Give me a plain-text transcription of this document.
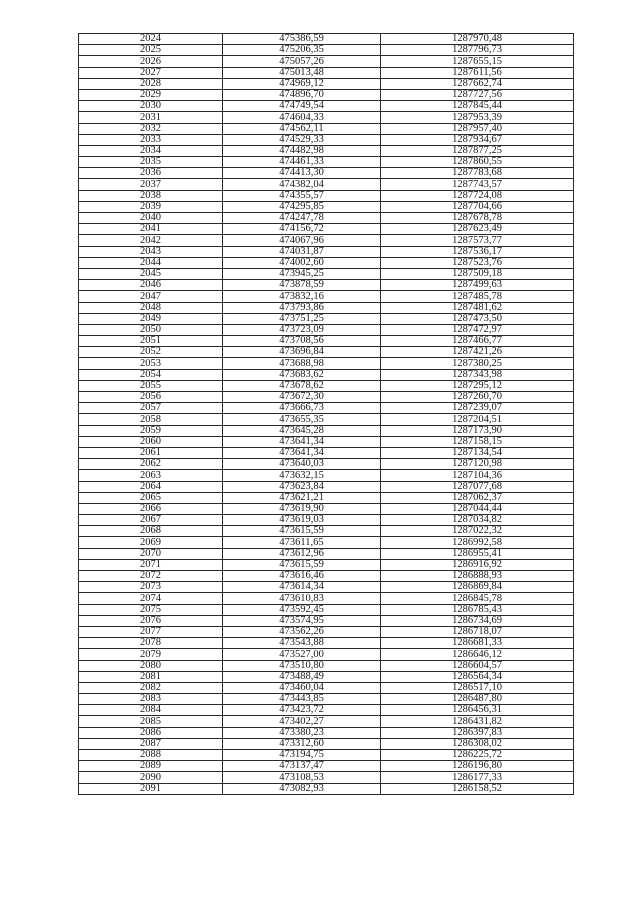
2024	475386,59	1287970,48
2025	475206,35	1287796,73
2026	475057,26	1287655,15
2027	475013,48	1287611,56
2028	474969,12	1287662,74
2029	474896,70	1287727,56
2030	474749,54	1287845,44
2031	474604,33	1287953,39
2032	474562,11	1287957,40
2033	474529,33	1287934,67
2034	474482,98	1287877,25
2035	474461,33	1287860,55
2036	474413,30	1287783,68
2037	474382,04	1287743,57
2038	474355,57	1287724,08
2039	474295,85	1287704,66
2040	474247,78	1287678,78
2041	474156,72	1287623,49
2042	474067,96	1287573,77
2043	474031,87	1287536,17
2044	474002,60	1287523,76
2045	473945,25	1287509,18
2046	473878,59	1287499,63
2047	473832,16	1287485,78
2048	473793,86	1287481,62
2049	473751,25	1287473,50
2050	473723,09	1287472,97
2051	473708,56	1287466,77
2052	473696,84	1287421,26
2053	473688,98	1287380,25
2054	473683,62	1287343,98
2055	473678,62	1287295,12
2056	473672,30	1287260,70
2057	473666,73	1287239,07
2058	473655,35	1287204,51
2059	473645,28	1287173,90
2060	473641,34	1287158,15
2061	473641,34	1287134,54
2062	473640,03	1287120,98
2063	473632,15	1287104,36
2064	473623,84	1287077,68
2065	473621,21	1287062,37
2066	473619,90	1287044,44
2067	473619,03	1287034,82
2068	473615,59	1287022,32
2069	473611,65	1286992,58
2070	473612,96	1286955,41
2071	473615,59	1286916,92
2072	473616,46	1286888,93
2073	473614,34	1286869,84
2074	473610,83	1286845,78
2075	473592,45	1286785,43
2076	473574,95	1286734,69
2077	473562,26	1286718,07
2078	473543,88	1286681,33
2079	473527,00	1286646,12
2080	473510,80	1286604,57
2081	473488,49	1286564,34
2082	473460,04	1286517,10
2083	473443,85	1286487,80
2084	473423,72	1286456,31
2085	473402,27	1286431,82
2086	473380,23	1286397,83
2087	473312,60	1286308,02
2088	473194,75	1286225,72
2089	473137,47	1286196,80
2090	473108,53	1286177,33
2091	473082,93	1286158,52
